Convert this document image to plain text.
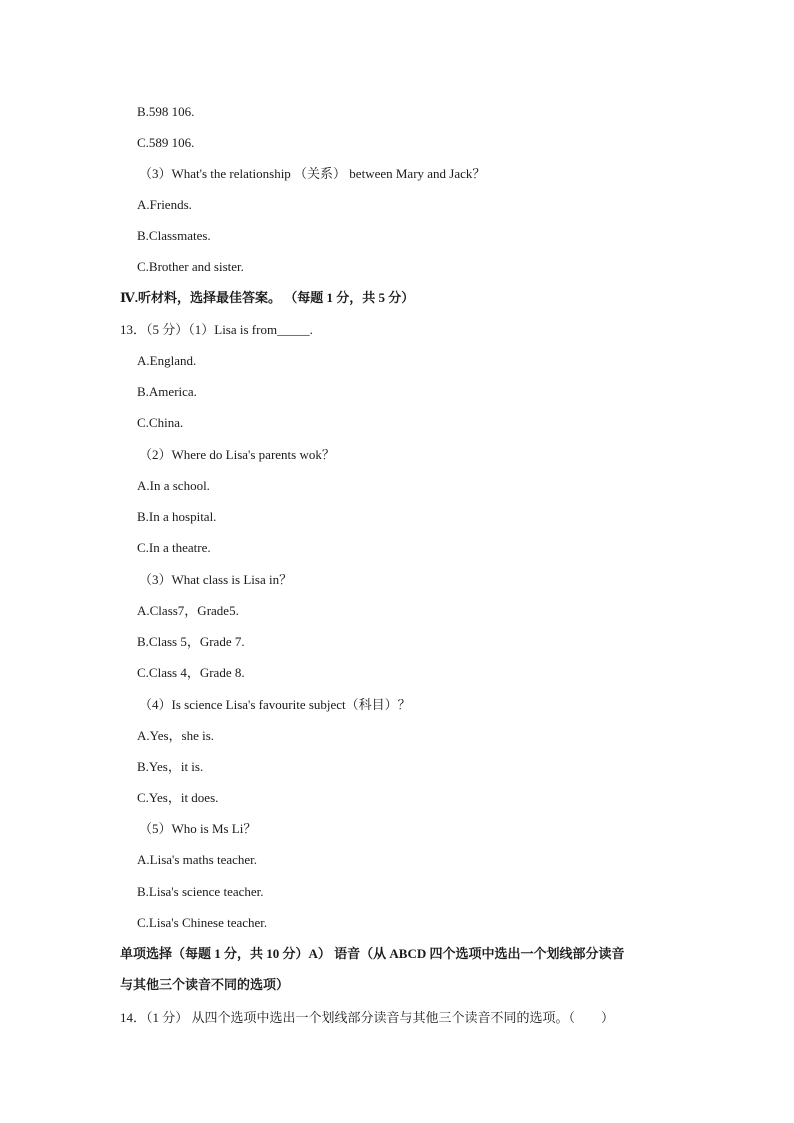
B.598 106.
C.589 106.
（3）What's the relationship （关系） between Mary and Jack？
A.Friends.
B.Classmates.
C.Brother and sister.
Ⅳ.听材料，选择最佳答案。 （每题 1 分，共 5 分）
13．（5 分）（1）Lisa is from_____.
A.England.
B.America.
C.China.
（2）Where do Lisa's parents wok？
A.In a school.
B.In a hospital.
C.In a theatre.
（3）What class is Lisa in？
A.Class7，Grade5.
B.Class 5，Grade 7.
C.Class 4，Grade 8.
（4）Is science Lisa's favourite subject（科目）？
A.Yes，she is.
B.Yes，it is.
C.Yes，it does.
（5）Who is Ms Li？
A.Lisa's maths teacher.
B.Lisa's science teacher.
C.Lisa's Chinese teacher.
单项选择（每题 1 分，共 10 分）A） 语音（从 ABCD 四个选项中选出一个划线部分读音
与其他三个读音不同的选项）
14．（1 分） 从四个选项中选出一个划线部分读音与其他三个读音不同的选项。（　　）
